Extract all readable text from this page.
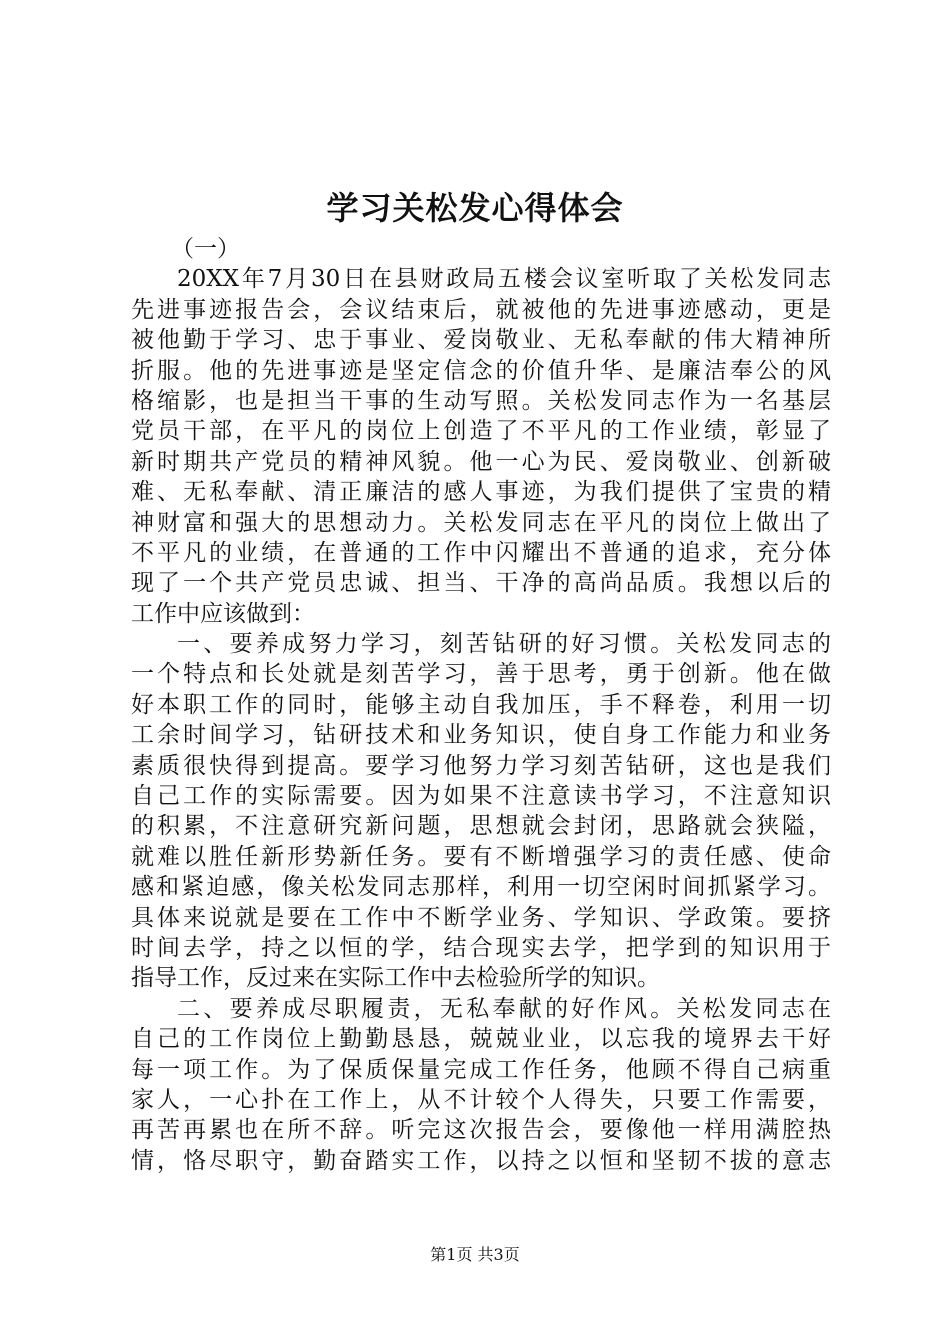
学习关松发心得体会
（一）
20XX年7月30日在县财政局五楼会议室听取了关松发同志
先进事迹报告会，会议结束后，就被他的先进事迹感动，更是
被他勤于学习、忠于事业、爱岗敬业、无私奉献的伟大精神所
折服。他的先进事迹是坚定信念的价值升华、是廉洁奉公的风
格缩影，也是担当干事的生动写照。关松发同志作为一名基层
党员干部，在平凡的岗位上创造了不平凡的工作业绩，彰显了
新时期共产党员的精神风貌。他一心为民、爱岗敬业、创新破
难、无私奉献、清正廉洁的感人事迹，为我们提供了宝贵的精
神财富和强大的思想动力。关松发同志在平凡的岗位上做出了
不平凡的业绩，在普通的工作中闪耀出不普通的追求，充分体
现了一个共产党员忠诚、担当、干净的高尚品质。我想以后的
工作中应该做到：
一、要养成努力学习，刻苦钻研的好习惯。关松发同志的
一个特点和长处就是刻苦学习，善于思考，勇于创新。他在做
好本职工作的同时，能够主动自我加压，手不释卷，利用一切
工余时间学习，钻研技术和业务知识，使自身工作能力和业务
素质很快得到提高。要学习他努力学习刻苦钻研，这也是我们
自己工作的实际需要。因为如果不注意读书学习，不注意知识
的积累，不注意研究新问题，思想就会封闭，思路就会狭隘，
就难以胜任新形势新任务。要有不断增强学习的责任感、使命
感和紧迫感，像关松发同志那样，利用一切空闲时间抓紧学习。
具体来说就是要在工作中不断学业务、学知识、学政策。要挤
时间去学，持之以恒的学，结合现实去学，把学到的知识用于
指导工作，反过来在实际工作中去检验所学的知识。
二、要养成尽职履责，无私奉献的好作风。关松发同志在
自己的工作岗位上勤勤恳恳，兢兢业业，以忘我的境界去干好
每一项工作。为了保质保量完成工作任务，他顾不得自己病重
家人，一心扑在工作上，从不计较个人得失，只要工作需要，
再苦再累也在所不辞。听完这次报告会，要像他一样用满腔热
情，恪尽职守，勤奋踏实工作，以持之以恒和坚韧不拔的意志
第1页 共3页
